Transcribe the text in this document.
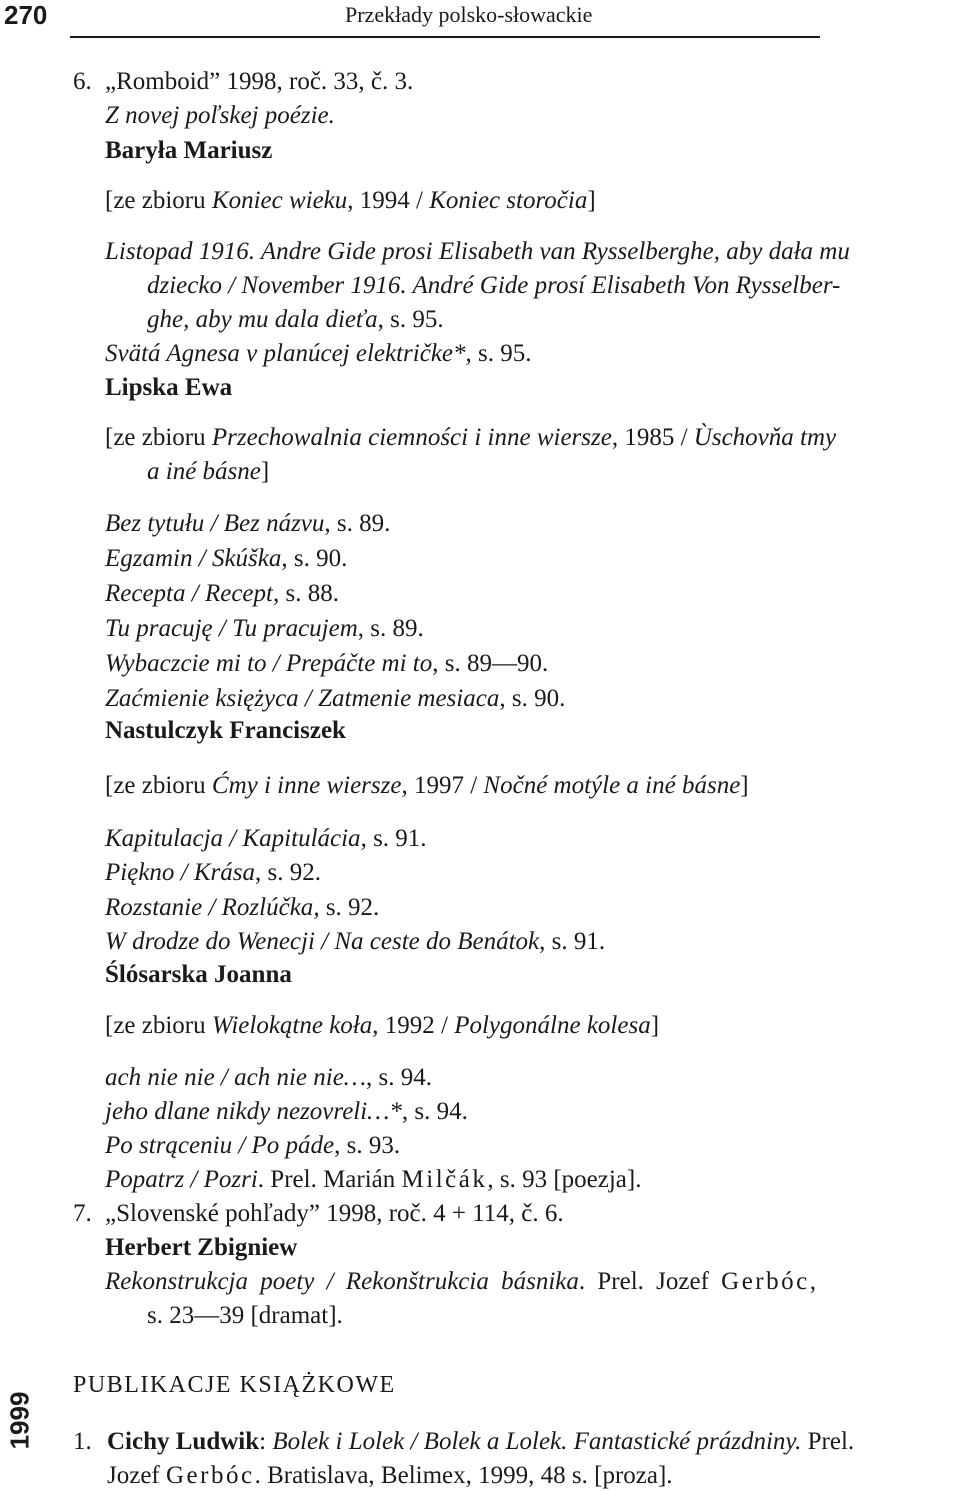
270	Przekłady polsko-słowackie
6. „Romboid” 1998, roč. 33, č. 3.
Z novej poľskej poézie.
Baryła Mariusz
[ze zbioru Koniec wieku, 1994 / Koniec storočia]
Listopad 1916. Andre Gide prosi Elisabeth van Rysselberghe, aby dała mu
dziecko / November 1916. André Gide prosí Elisabeth Von Rysselber-
ghe, aby mu dala dieťa, s. 95.
Svätá Agnesa v planúcej električke*, s. 95.
Lipska Ewa
[ze zbioru Przechowalnia ciemności i inne wiersze, 1985 / Ùschovňa tmy
a iné básne]
Bez tytułu / Bez názvu, s. 89.
Egzamin / Skúška, s. 90.
Recepta / Recept, s. 88.
Tu pracuję / Tu pracujem, s. 89.
Wybaczcie mi to / Prepáčte mi to, s. 89—90.
Zaćmienie księżyca / Zatmenie mesiaca, s. 90.
Nastulczyk Franciszek
[ze zbioru Ćmy i inne wiersze, 1997 / Nočné motýle a iné básne]
Kapitulacja / Kapitulácia, s. 91.
Piękno / Krása, s. 92.
Rozstanie / Rozlúčka, s. 92.
W drodze do Wenecji / Na ceste do Benátok, s. 91.
Ślósarska Joanna
[ze zbioru Wielokątne koła, 1992 / Polygonálne kolesa]
ach nie nie / ach nie nie…, s. 94.
jeho dlane nikdy nezovreli…*, s. 94.
Po strąceniu / Po páde, s. 93.
Popatrz / Pozri. Prel. Marián Milčák, s. 93 [poezja].
7. „Slovenské pohľady” 1998, roč. 4 + 114, č. 6.
Herbert Zbigniew
Rekonstrukcja poety / Rekonštrukcia básnika. Prel. Jozef Gerbóc,
s. 23—39 [dramat].
1999
PUBLIKACJE KSIĄŻKOWE
1. Cichy Ludwik: Bolek i Lolek / Bolek a Lolek. Fantastické prázdniny. Prel.
Jozef Gerbóc. Bratislava, Belimex, 1999, 48 s. [proza].
